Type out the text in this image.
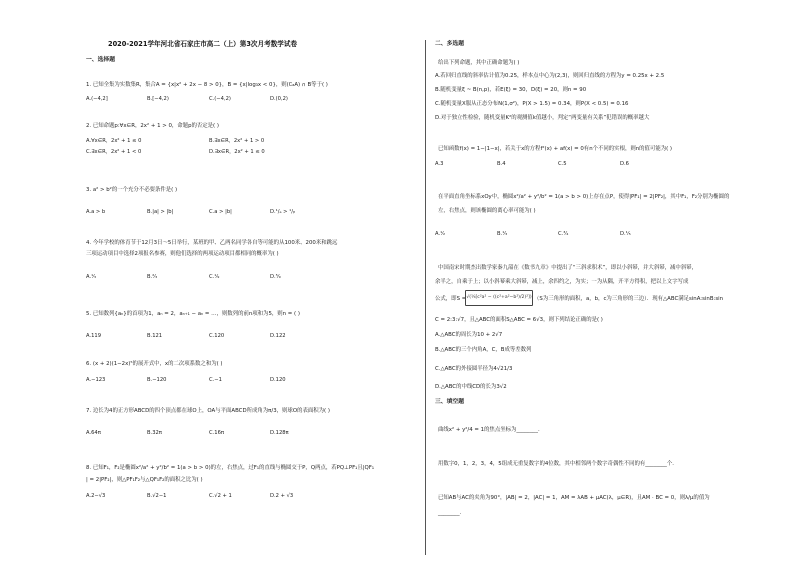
2020-2021学年河北省石家庄市高二（上）第3次月考数学试卷
一、选择题
1. 已知全集为实数集R，集合A = {x|x² + 2x − 8 > 0}，B = {x|log₃x < 0}，则(∁ₐA) ∩ B等于( )
A.(−4,2]	B.[−4,2)	C.(−4,2)	D.(0,2)
2. 已知命题p:∀x∈R，2x² + 1 > 0，命题p的否定是( )
A.∀x∈R，2x² + 1 ≤ 0	B.∃x∈R，2x² + 1 > 0
C.∃x∈R，2x² + 1 < 0	D.∃x∈R，2x² + 1 ≤ 0
3. a² > b²的一个充分不必要条件是( )
A.a > b	B.|a| > |b|	C.a > |b|	D.¹/ₐ > ¹/ᵦ
4. 今年学校的体育节于12月3日～5日举行，某班的甲、乙两名同学各自等可能的从100米、200米和跳远
三项运动项目中选择2项报名参赛，则他们选择的两项运动项目都相同的概率为( )
A.¹⁄₃	B.²⁄₃	C.¹⁄₉	D.⁵⁄₉
5. 已知数列{aₙ}的首项为1，aₙ = 2，aₙ₊₁ − aₙ = …，则数列的前n项和为5，则n = ( )
A.119	B.121	C.120	D.122
6. (x + 2)(1−2x)⁵的展开式中，x的二次项系数之和为( )
A.−123	B.−120	C.−1	D.120
7. 边长为4的正方形ABCD的四个顶点都在球O上，OA与平面ABCD所成角为π/3，则球O的表面积为( )
A.64π	B.32π	C.16π	D.128π
8. 已知F₁，F₂是椭圆x²/a² + y²/b² = 1(a > b > 0)的左，右焦点，过F₁的直线与椭圆交于P，Q两点，若PQ⊥PF₁且|QF₁
| = 2|PF₂|，则△PF₁F₂与△QF₁F₂的面积之比为( )
A.2−√3	B.√2−1	C.√2 + 1	D.2 + √3
二、多选题
给出下列命题，其中正确命题为( )
A.若回归直线的斜率估计值为0.25，样本点中心为(2,3)，则回归直线的方程为y = 0.25x + 2.5
B.随机变量ξ ~ B(n,p)，若E(ξ) = 30，D(ξ) = 20，则n = 90
C.随机变量X服从正态分布N(1,σ²)，P(X > 1.5) = 0.34，则P(X < 0.5) = 0.16
D.对于独立性检验，随机变量K²的观测值k值越小，判定“两变量有关系”犯错误的概率越大
已知函数f(x) = 1−|1−x|，若关于x的方程f²(x) + af(x) = 0有n个不同的实根，则n的值可能为( )
A.3	B.4	C.5	D.6
在平面直角坐标系xOy中，椭圆x²/a² + y²/b² = 1(a > b > 0)上存在点P，使得|PF₁| = 2|PF₂|，其中F₁，F₂分别为椭圆的
左，右焦点，则该椭圆的离心率可能为( )
A.¹⁄₂	B.¹⁄₃	C.³⁄₄	D.¹⁄₅
中国南宋时期杰出数学家秦九韶在《数书九章》中提出了“三斜求积术”，即以小斜幂，并大斜幂，减中斜幂，
余半之，自乘于上；以小斜幂乘大斜幂，减上，余四约之，为实；一为从隅，开平方得积，把以上文字写成
公式，即S = √(¼[c²a² − ((c²+a²−b²)/2)²]) （S为三角形的面积，a，b，c为三角形的三边）．现有△ABC满足sinA:sinB:sin
C = 2:3:√7，且△ABC的面积S△ABC = 6√3，则下列结论正确的是( )
A.△ABC的周长为10 + 2√7
B.△ABC的三个内角A，C，B成等差数列
C.△ABC的外接圆半径为4√21/3
D.△ABC的中线CD的长为3√2
三、填空题
曲线x² + y²/4 = 1的焦点坐标为________.
用数字0，1，2，3，4，5组成无重复数字的4位数，其中相邻两个数字奇偶性不同的有________个.
已知AB与AC的夹角为90°，|AB| = 2，|AC| = 1，AM = λAB + μAC(λ，μ∈R)，且AM · BC = 0，则λ/μ的值为
________.
